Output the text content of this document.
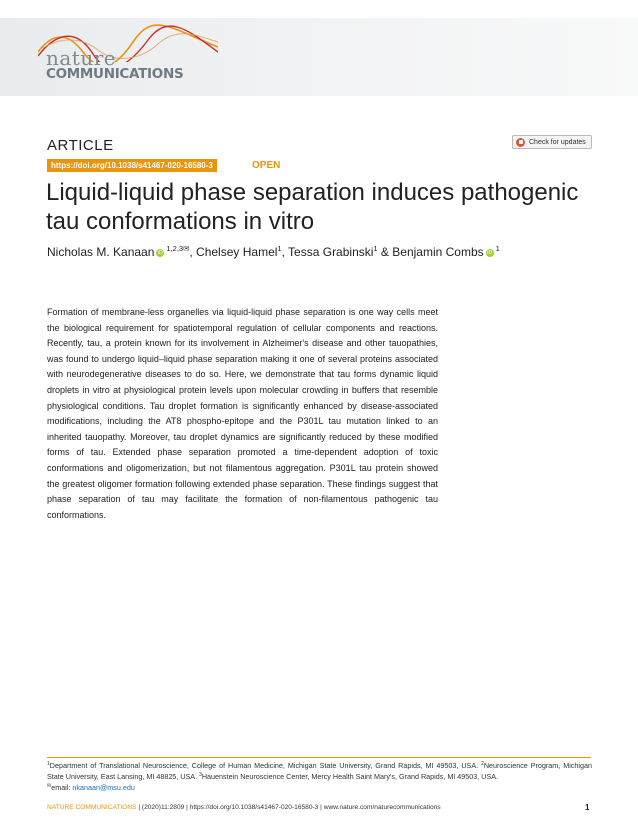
nature
COMMUNICATIONS
ARTICLE	Check for updates
https://doi.org/10.1038/s41467-020-16580-3	OPEN
Liquid-liquid phase separation induces pathogenic tau conformations in vitro
Nicholas M. Kanaan iD $^{1,2,3✉}$, Chelsey Hamel$^1$, Tessa Grabinski$^1$ & Benjamin Combs iD $^1$

Formation of membrane-less organelles via liquid-liquid phase separation is one way cells meet the biological requirement for spatiotemporal regulation of cellular components and reactions. Recently, tau, a protein known for its involvement in Alzheimer's disease and other tauopathies, was found to undergo liquid–liquid phase separation making it one of several proteins associated with neurodegenerative diseases to do so. Here, we demonstrate that tau forms dynamic liquid droplets in vitro at physiological protein levels upon molecular crowding in buffers that resemble physiological conditions. Tau droplet formation is significantly enhanced by disease-associated modifications, including the AT8 phospho-epitope and the P301L tau mutation linked to an inherited tauopathy. Moreover, tau droplet dynamics are significantly reduced by these modified forms of tau. Extended phase separation promoted a time-dependent adoption of toxic conformations and oligomerization, but not filamentous aggregation. P301L tau protein showed the greatest oligomer formation following extended phase separation. These findings suggest that phase separation of tau may facilitate the formation of non-filamentous pathogenic tau conformations.

$^1$Department of Translational Neuroscience, College of Human Medicine, Michigan State University, Grand Rapids, MI 49503, USA. $^2$Neuroscience Program, Michigan State University, East Lansing, MI 48825, USA. $^3$Hauenstein Neuroscience Center, Mercy Health Saint Mary's, Grand Rapids, MI 49503, USA.
✉email: nkanaan@msu.edu

NATURE COMMUNICATIONS | (2020)11:2809 | https://doi.org/10.1038/s41467-020-16580-3 | www.nature.com/naturecommunications	1
